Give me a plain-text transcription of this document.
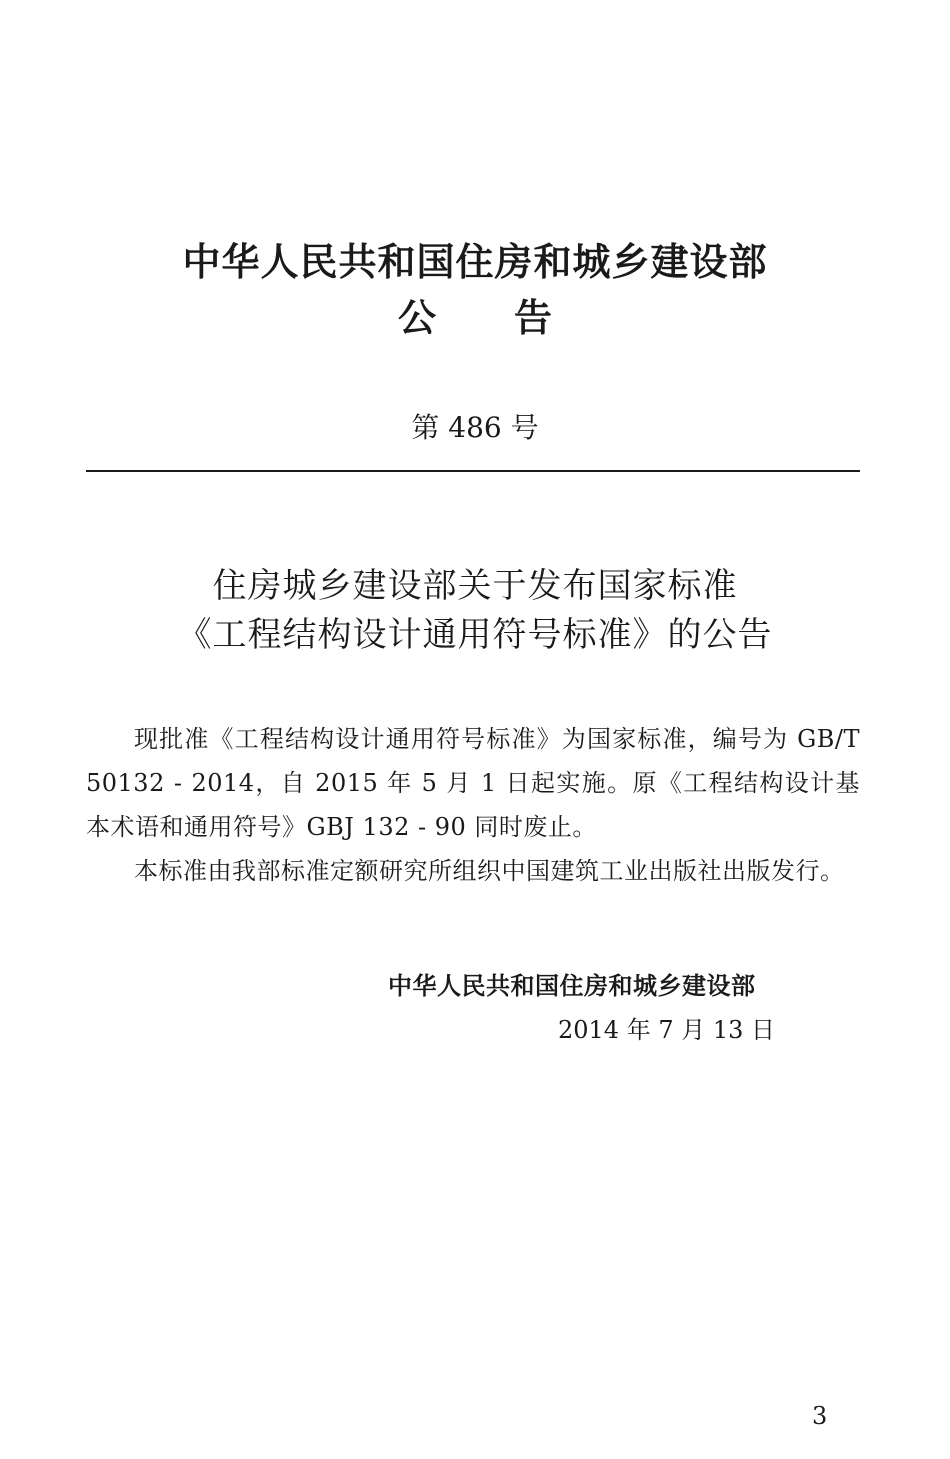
中华人民共和国住房和城乡建设部
公告
第 486 号
住房城乡建设部关于发布国家标准
《工程结构设计通用符号标准》的公告

现批准《工程结构设计通用符号标准》为国家标准，编号为 GB/T 50132 - 2014，自 2015 年 5 月 1 日起实施。原《工程结构设计基本术语和通用符号》GBJ 132 - 90 同时废止。

本标准由我部标准定额研究所组织中国建筑工业出版社出版发行。

中华人民共和国住房和城乡建设部
2014 年 7 月 13 日
3
